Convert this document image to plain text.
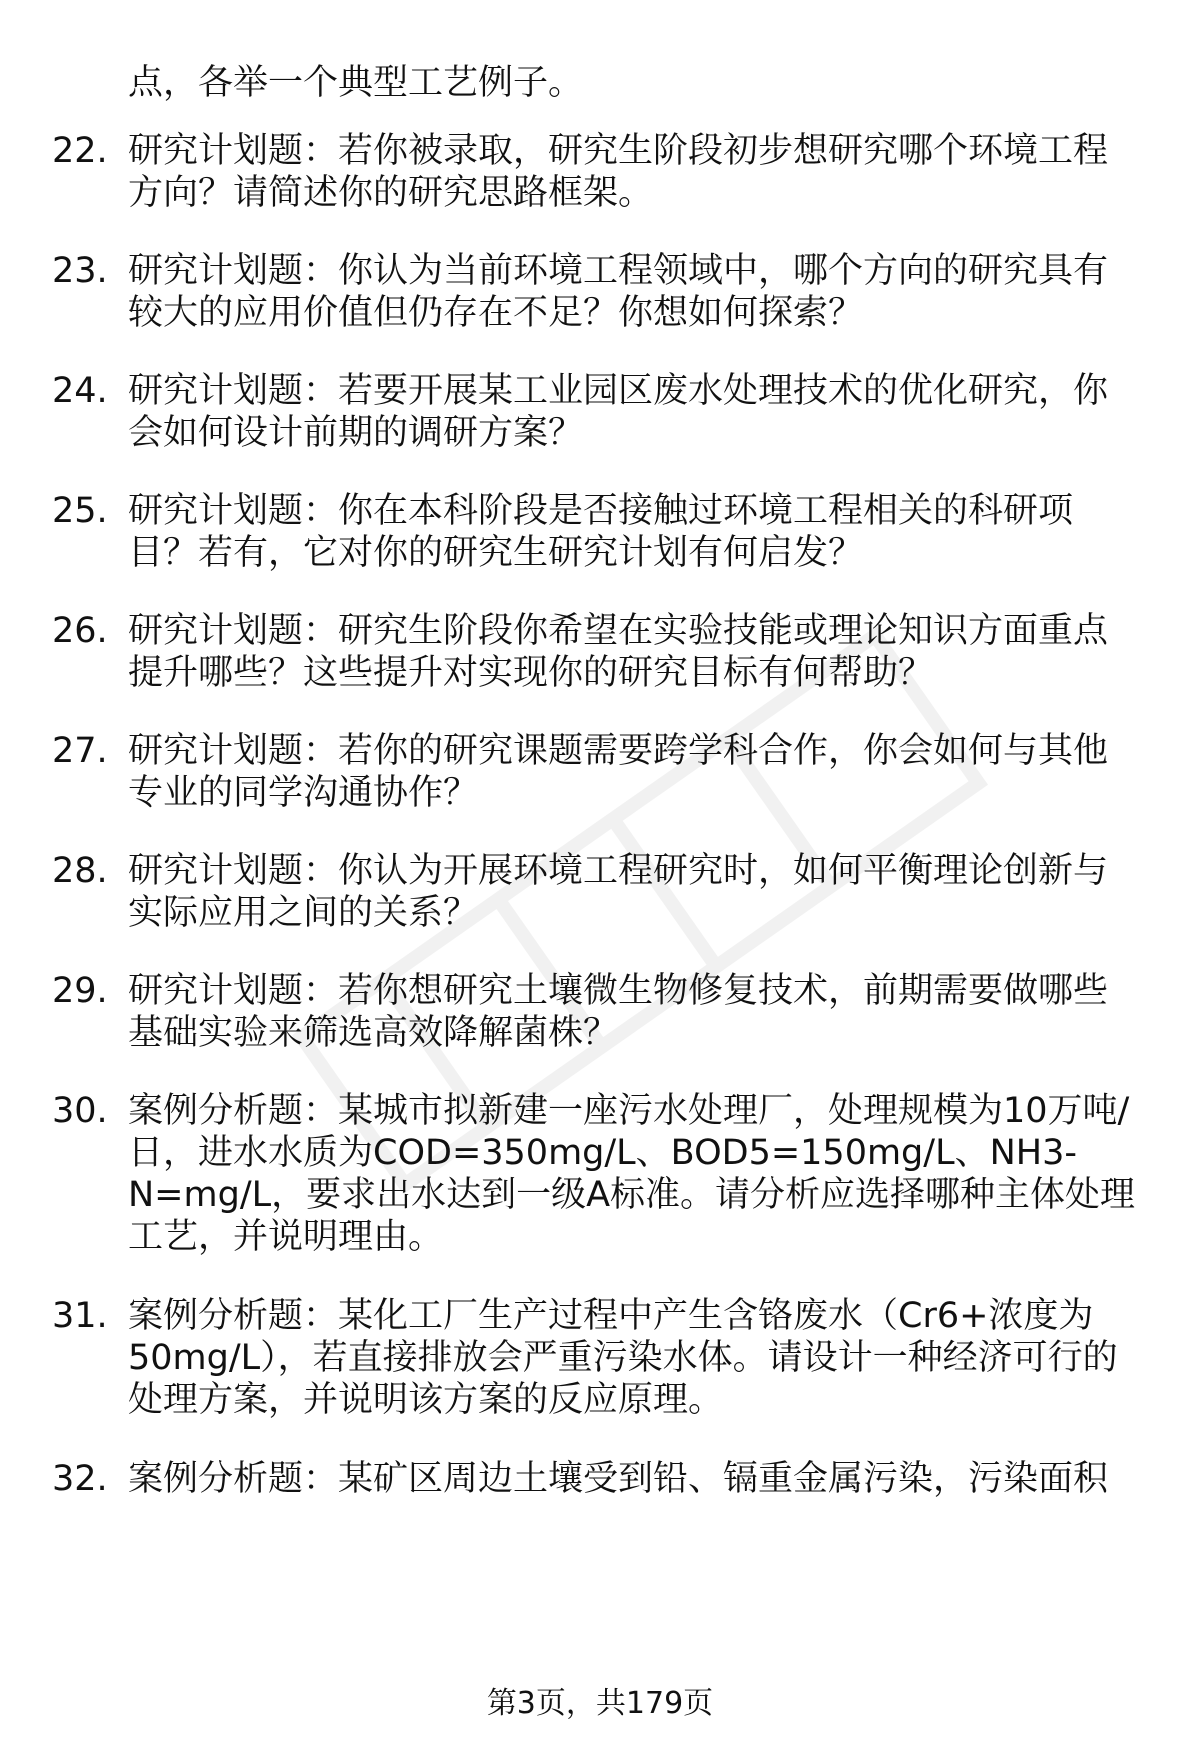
点，各举一个典型工艺例子。
22. 研究计划题：若你被录取，研究生阶段初步想研究哪个环境工程方向？请简述你的研究思路框架。
23. 研究计划题：你认为当前环境工程领域中，哪个方向的研究具有较大的应用价值但仍存在不足？你想如何探索？
24. 研究计划题：若要开展某工业园区废水处理技术的优化研究，你会如何设计前期的调研方案？
25. 研究计划题：你在本科阶段是否接触过环境工程相关的科研项目？若有，它对你的研究生研究计划有何启发？
26. 研究计划题：研究生阶段你希望在实验技能或理论知识方面重点提升哪些？这些提升对实现你的研究目标有何帮助？
27. 研究计划题：若你的研究课题需要跨学科合作，你会如何与其他专业的同学沟通协作？
28. 研究计划题：你认为开展环境工程研究时，如何平衡理论创新与实际应用之间的关系？
29. 研究计划题：若你想研究土壤微生物修复技术，前期需要做哪些基础实验来筛选高效降解菌株？
30. 案例分析题：某城市拟新建一座污水处理厂，处理规模为10万吨/日，进水水质为COD=350mg/L、BOD5=150mg/L、NH3-N=mg/L，要求出水达到一级A标准。请分析应选择哪种主体处理工艺，并说明理由。
31. 案例分析题：某化工厂生产过程中产生含铬废水（Cr6+浓度为50mg/L），若直接排放会严重污染水体。请设计一种经济可行的处理方案，并说明该方案的反应原理。
32. 案例分析题：某矿区周边土壤受到铅、镉重金属污染，污染面积
第3页，共179页
